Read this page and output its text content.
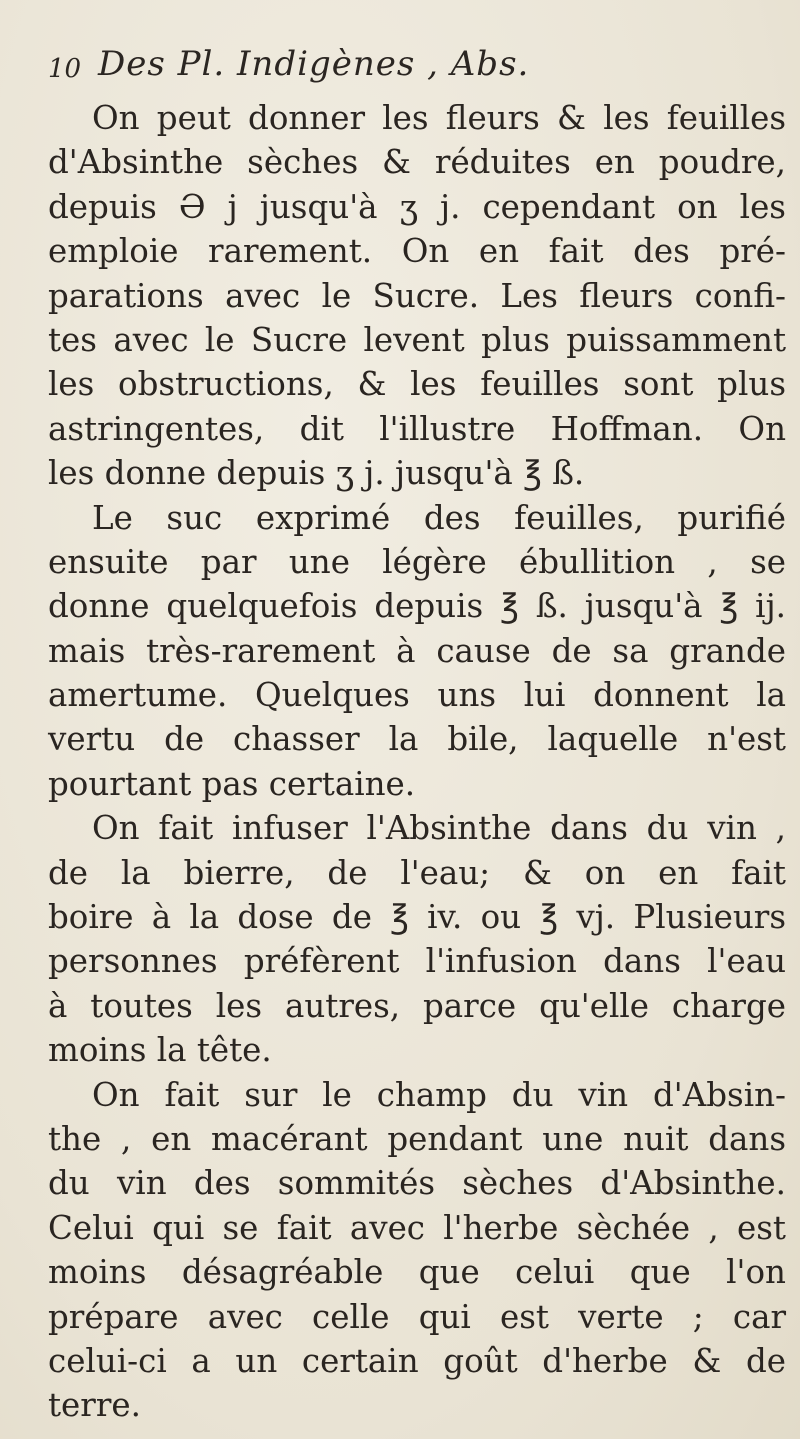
10 Des Pl. Indigènes , Abs.
On peut donner les fleurs & les feuilles
d'Absinthe sèches & réduites en poudre,
depuis Ə j jusqu'à ʒ j. cependant on les
emploie rarement. On en fait des pré-
parations avec le Sucre. Les fleurs confi-
tes avec le Sucre levent plus puissamment
les obstructions, & les feuilles sont plus
astringentes, dit l'illustre Hoffman. On
les donne depuis ʒ j. jusqu'à ℥ ß.
Le suc exprimé des feuilles, purifié
ensuite par une légère ébullition , se
donne quelquefois depuis ℥ ß. jusqu'à ℥ ij.
mais très-rarement à cause de sa grande
amertume. Quelques uns lui donnent la
vertu de chasser la bile, laquelle n'est
pourtant pas certaine.
On fait infuser l'Absinthe dans du vin ,
de la bierre, de l'eau; & on en fait
boire à la dose de ℥ iv. ou ℥ vj. Plusieurs
personnes préfèrent l'infusion dans l'eau
à toutes les autres, parce qu'elle charge
moins la tête.
On fait sur le champ du vin d'Absin-
the , en macérant pendant une nuit dans
du vin des sommités sèches d'Absinthe.
Celui qui se fait avec l'herbe sèchée , est
moins désagréable que celui que l'on
prépare avec celle qui est verte ; car
celui-ci a un certain goût d'herbe & de
terre.
